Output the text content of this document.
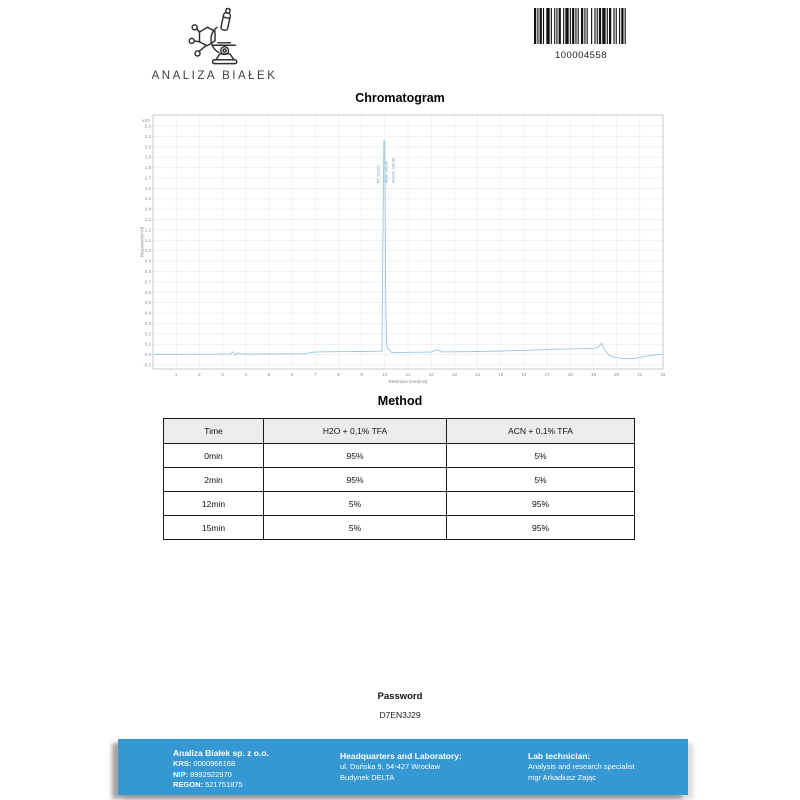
ANALIZA BIAŁEK
100004558
Chromatogram
1	2	3	4	5	6	7	8	9	10	11	12	13	14	15	16	17	18	19	20	21	22
2.2
2.1
2.0
1.9
1.8
1.7
1.6
1.5
1.4
1.3
1.2
1.1
1.0
0.9
0.8
0.7
0.6
0.5
0.4
0.3
0.2
0.1
0.0
-0.1
x10¹
Retention time[min]
Response[mAU]
RT 10.023 Area: 100.00 Area%: 100.00
Method
Time	H2O + 0,1% TFA	ACN + 0,1% TFA
0min	95%	5%
2min	95%	5%
12min	5%	95%
15min	5%	95%
Password
D7EN3J29
Analiza Białek sp. z o.o.
KRS: 0000966168
NIP: 8992922970
REGON: 521751875
Headquarters and Laboratory:
ul. Duńska 9, 54-427 Wrocław
Budynek DELTA
Lab technician:
Analysis and research specialist
mgr Arkadiusz Zając
